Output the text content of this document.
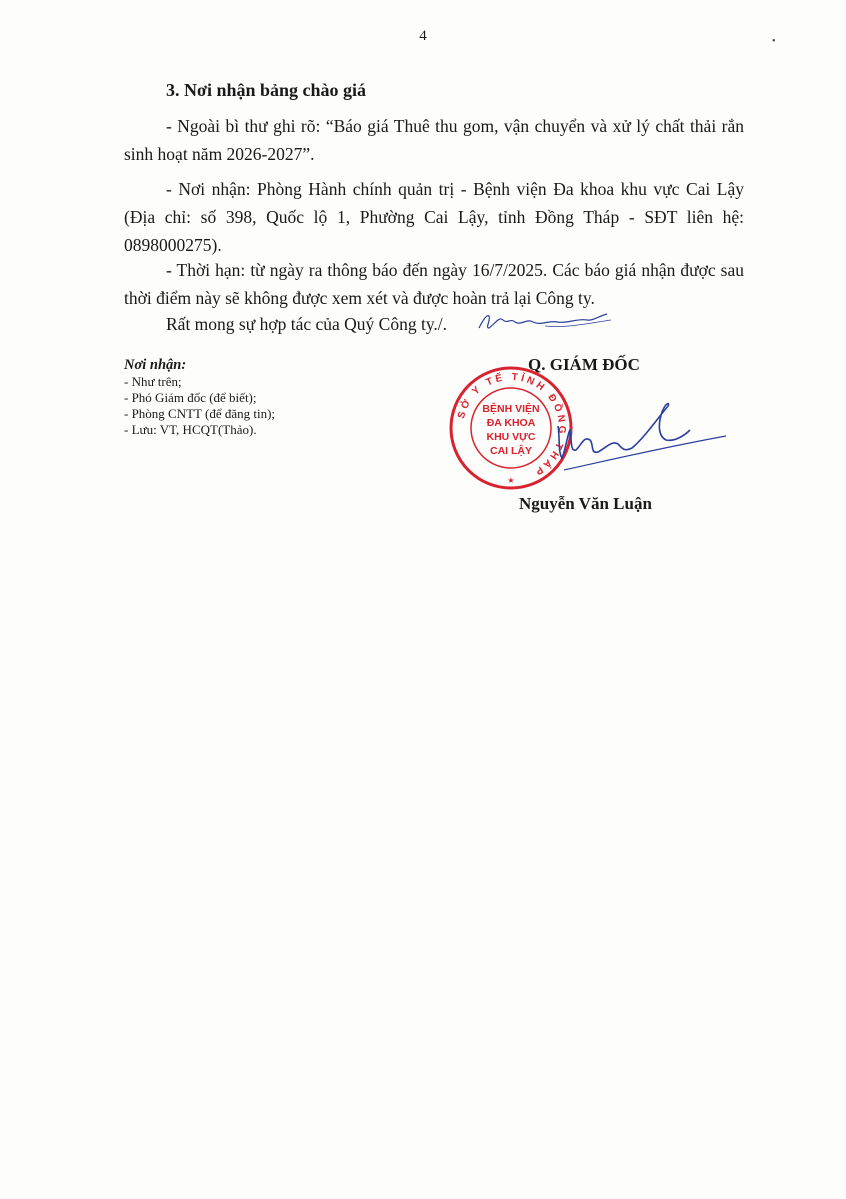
•
4
3. Nơi nhận bảng chào giá
- Ngoài bì thư ghi rõ: “Báo giá Thuê thu gom, vận chuyển và xử lý chất thải rắn sinh hoạt năm 2026-2027”.
- Nơi nhận: Phòng Hành chính quản trị - Bệnh viện Đa khoa khu vực Cai Lậy (Địa chỉ: số 398, Quốc lộ 1, Phường Cai Lậy, tỉnh Đồng Tháp - SĐT liên hệ: 0898000275).
- Thời hạn: từ ngày ra thông báo đến ngày 16/7/2025. Các báo giá nhận được sau thời điểm này sẽ không được xem xét và được hoàn trả lại Công ty.
Rất mong sự hợp tác của Quý Công ty./.
Nơi nhận:
- Như trên;
- Phó Giám đốc (để biết);
- Phòng CNTT (để đăng tin);
- Lưu: VT, HCQT(Thảo).
Q. GIÁM ĐỐC
SỞ Y TẾ TỈNH ĐỒNG THÁP
★
BỆNH VIỆN
ĐA KHOA
KHU VỰC
CAI LẬY
Nguyễn Văn Luận
